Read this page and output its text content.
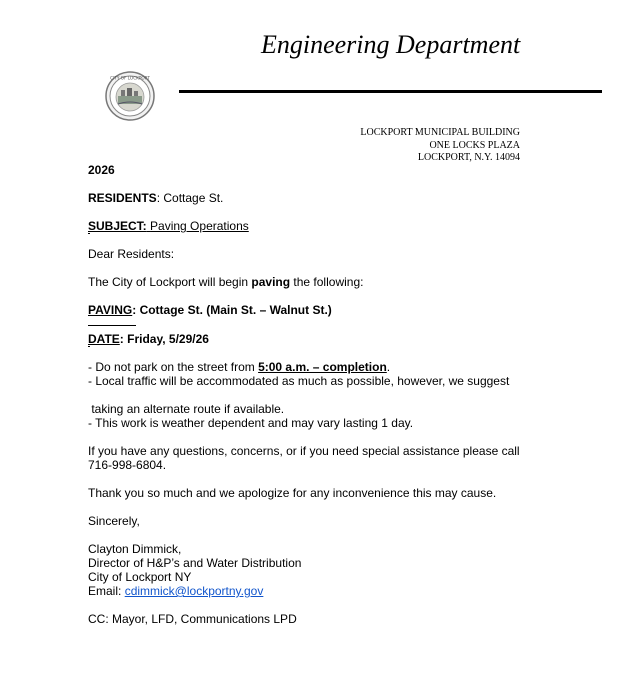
Engineering Department
CITY OF LOCKPORT
LOCKPORT MUNICIPAL BUILDING
ONE LOCKS PLAZA
LOCKPORT, N.Y. 14094
2026
RESIDENTS: Cottage St.
SUBJECT: Paving Operations
Dear Residents:
The City of Lockport will begin paving the following:
PAVING: Cottage St. (Main St. – Walnut St.)
DATE: Friday, 5/29/26
- Do not park on the street from 5:00 a.m. – completion.
- Local traffic will be accommodated as much as possible, however, we suggest
taking an alternate route if available.
- This work is weather dependent and may vary lasting 1 day.
If you have any questions, concerns, or if you need special assistance please call
716-998-6804.
Thank you so much and we apologize for any inconvenience this may cause.
Sincerely,
Clayton Dimmick,
Director of H&P’s and Water Distribution
City of Lockport NY
Email: cdimmick@lockportny.gov
CC: Mayor, LFD, Communications LPD
